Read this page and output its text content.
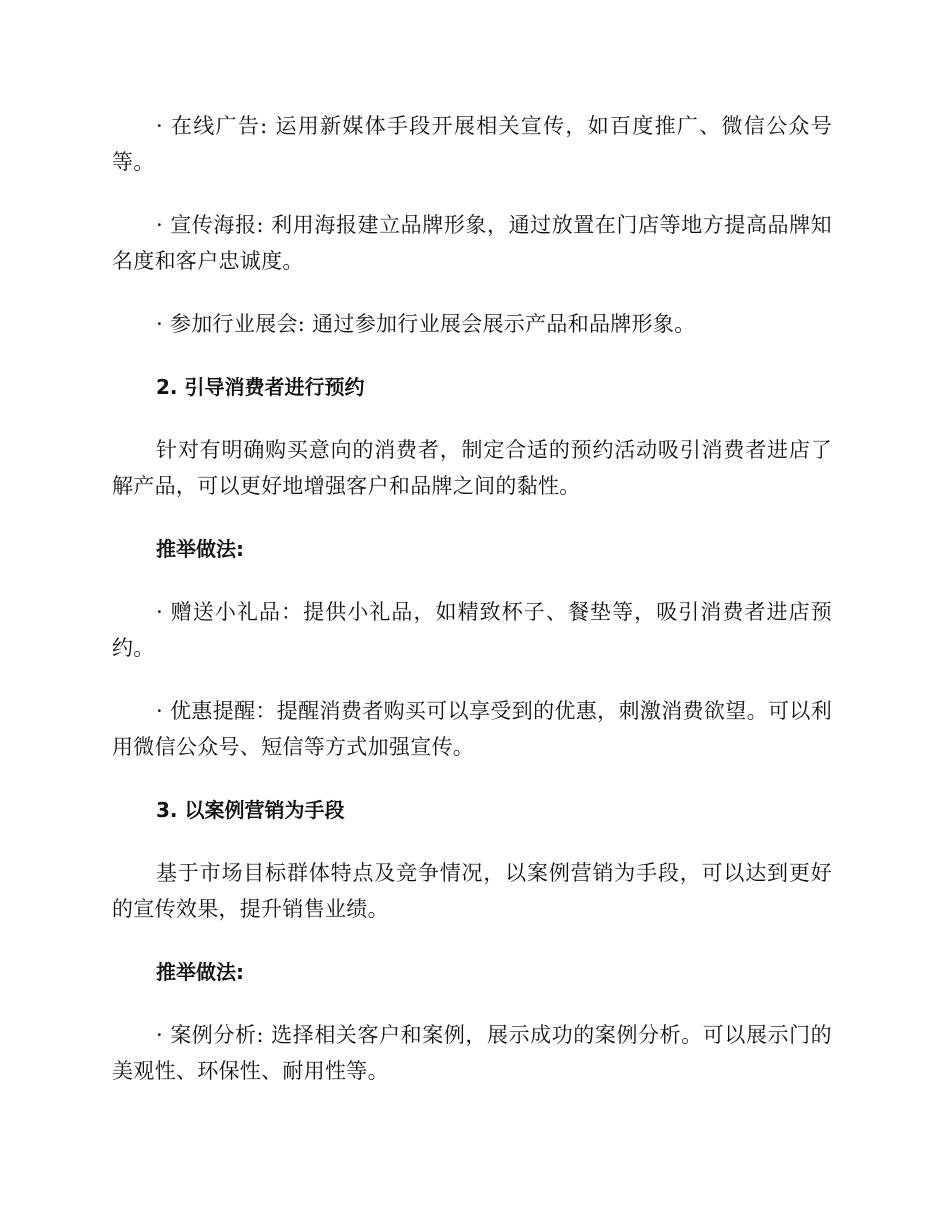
· 在线广告: 运用新媒体手段开展相关宣传，如百度推广、微信公众号等。

· 宣传海报: 利用海报建立品牌形象，通过放置在门店等地方提高品牌知名度和客户忠诚度。

· 参加行业展会: 通过参加行业展会展示产品和品牌形象。

2. 引导消费者进行预约

针对有明确购买意向的消费者，制定合适的预约活动吸引消费者进店了解产品，可以更好地增强客户和品牌之间的黏性。

推举做法:

· 赠送小礼品：提供小礼品，如精致杯子、餐垫等，吸引消费者进店预约。

· 优惠提醒：提醒消费者购买可以享受到的优惠，刺激消费欲望。可以利用微信公众号、短信等方式加强宣传。

3. 以案例营销为手段

基于市场目标群体特点及竞争情况，以案例营销为手段，可以达到更好的宣传效果，提升销售业绩。

推举做法:

· 案例分析: 选择相关客户和案例，展示成功的案例分析。可以展示门的美观性、环保性、耐用性等。
